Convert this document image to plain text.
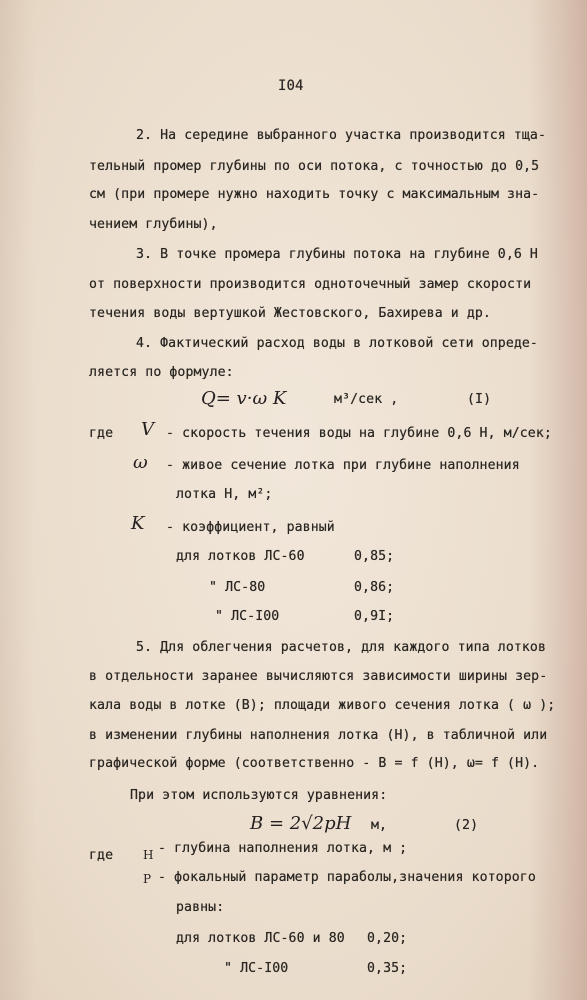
I04
2. На середине выбранного участка производится тща-
тельный промер глубины по оси потока, с точностью до 0,5
см (при промере нужно находить точку с максимальным зна-
чением глубины),
3. В точке промера глубины потока на глубине 0,6 Н
от поверхности производится одноточечный замер скорости
течения воды вертушкой Жестовского, Бахирева и др.
4. Фактический расход воды в лотковой сети опреде-
ляется по формуле:
Q= v·ω K	м³/сек ,	(I)
где V - скорость течения воды на глубине 0,6 Н, м/сек;
ω - живое сечение лотка при глубине наполнения
лотка Н, м²;
K - коэффициент, равный
для лотков ЛС-60	0,85;
" ЛС-80	0,86;
" ЛС-I00	0,9I;
5. Для облегчения расчетов, для каждого типа лотков
в отдельности заранее вычисляются зависимости ширины зер-
кала воды в лотке (В); площади живого сечения лотка ( ω );
в изменении глубины наполнения лотка (Н), в табличной или
графической форме (соответственно - В = f (Н), ω= f (Н).
При этом используются уравнения:
B = 2√2pH м,	(2)
где H - глубина наполнения лотка, м ;
P - фокальный параметр параболы,значения которого
равны:
для лотков ЛС-60 и 80 0,20;
" ЛС-I00	0,35;
